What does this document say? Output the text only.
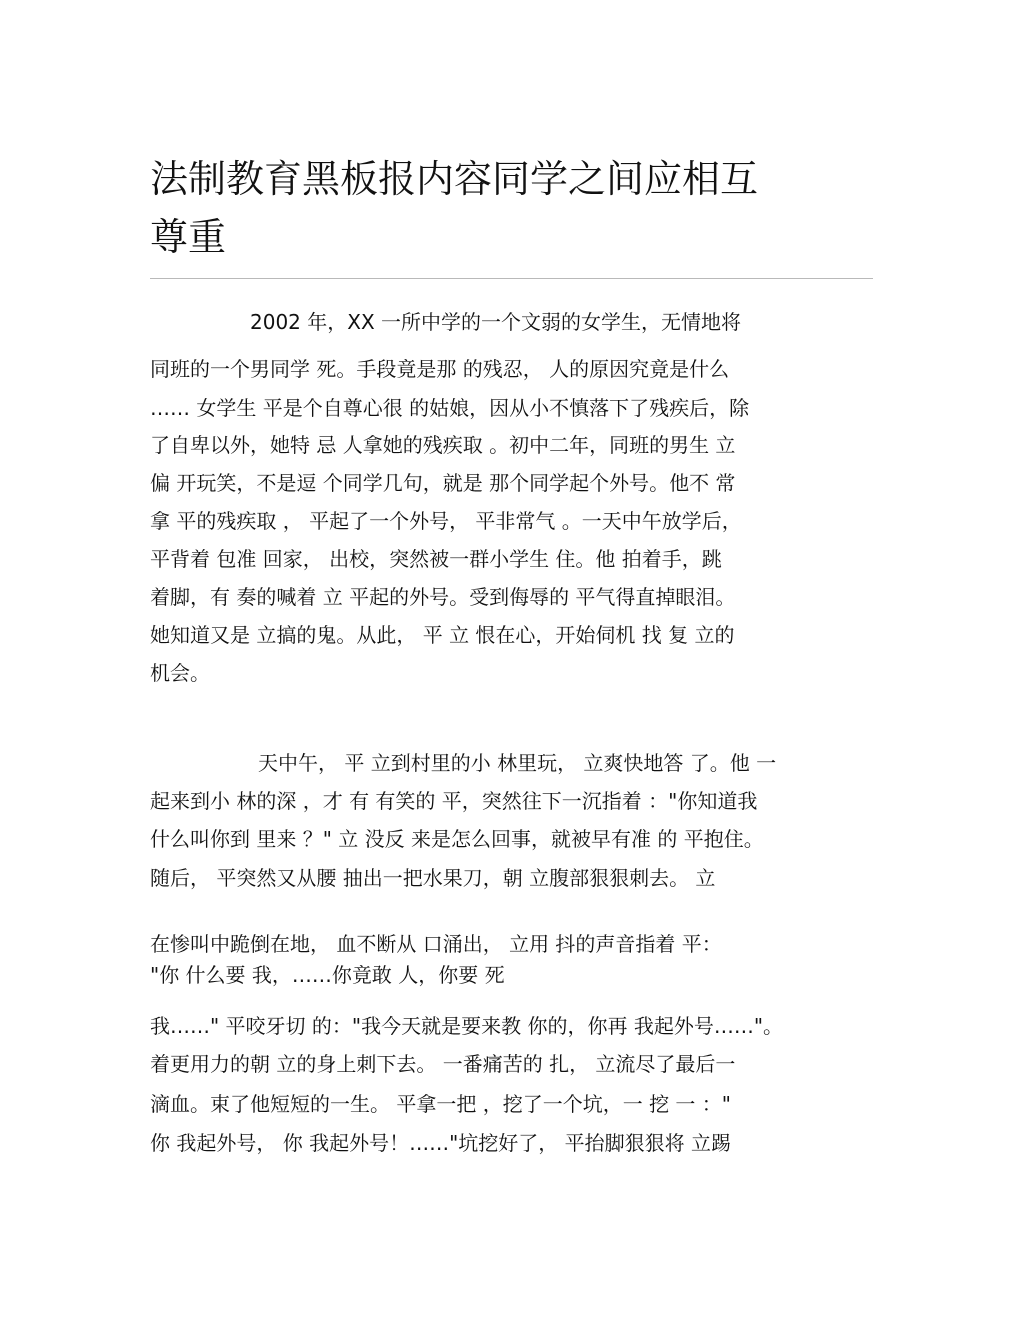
法制教育黑板报内容同学之间应相互
尊重
2002 年，XX 一所中学的一个文弱的女学生，无情地将
同班的一个男同学 死。手段竟是那 的残忍， 人的原因究竟是什么
…… 女学生 平是个自尊心很 的姑娘，因从小不慎落下了残疾后，除
了自卑以外，她特 忌 人拿她的残疾取 。初中二年，同班的男生 立
偏 开玩笑，不是逗 个同学几句，就是 那个同学起个外号。他不 常
拿 平的残疾取 ， 平起了一个外号， 平非常气 。一天中午放学后，
平背着 包准 回家， 出校，突然被一群小学生 住。他 拍着手，跳
着脚，有 奏的喊着 立 平起的外号。受到侮辱的 平气得直掉眼泪。
她知道又是 立搞的鬼。从此， 平 立 恨在心，开始伺机 找 复 立的
机会。
天中午， 平 立到村里的小 林里玩， 立爽快地答 了。他 一
起来到小 林的深 ，才 有 有笑的 平，突然往下一沉指着 ："你知道我
什么叫你到 里来 ？" 立 没反 来是怎么回事，就被早有准 的 平抱住。
随后， 平突然又从腰 抽出一把水果刀，朝 立腹部狠狠刺去。 立
在惨叫中跪倒在地， 血不断从 口涌出， 立用 抖的声音指着 平：
"你 什么要 我，……你竟敢 人，你要 死
我……" 平咬牙切 的："我今天就是要来教 你的，你再 我起外号……"。
着更用力的朝 立的身上刺下去。 一番痛苦的 扎， 立流尽了最后一
滴血。束了他短短的一生。 平拿一把 ，挖了一个坑，一 挖 一 ："
你 我起外号， 你 我起外号！……"坑挖好了， 平抬脚狠狠将 立踢
